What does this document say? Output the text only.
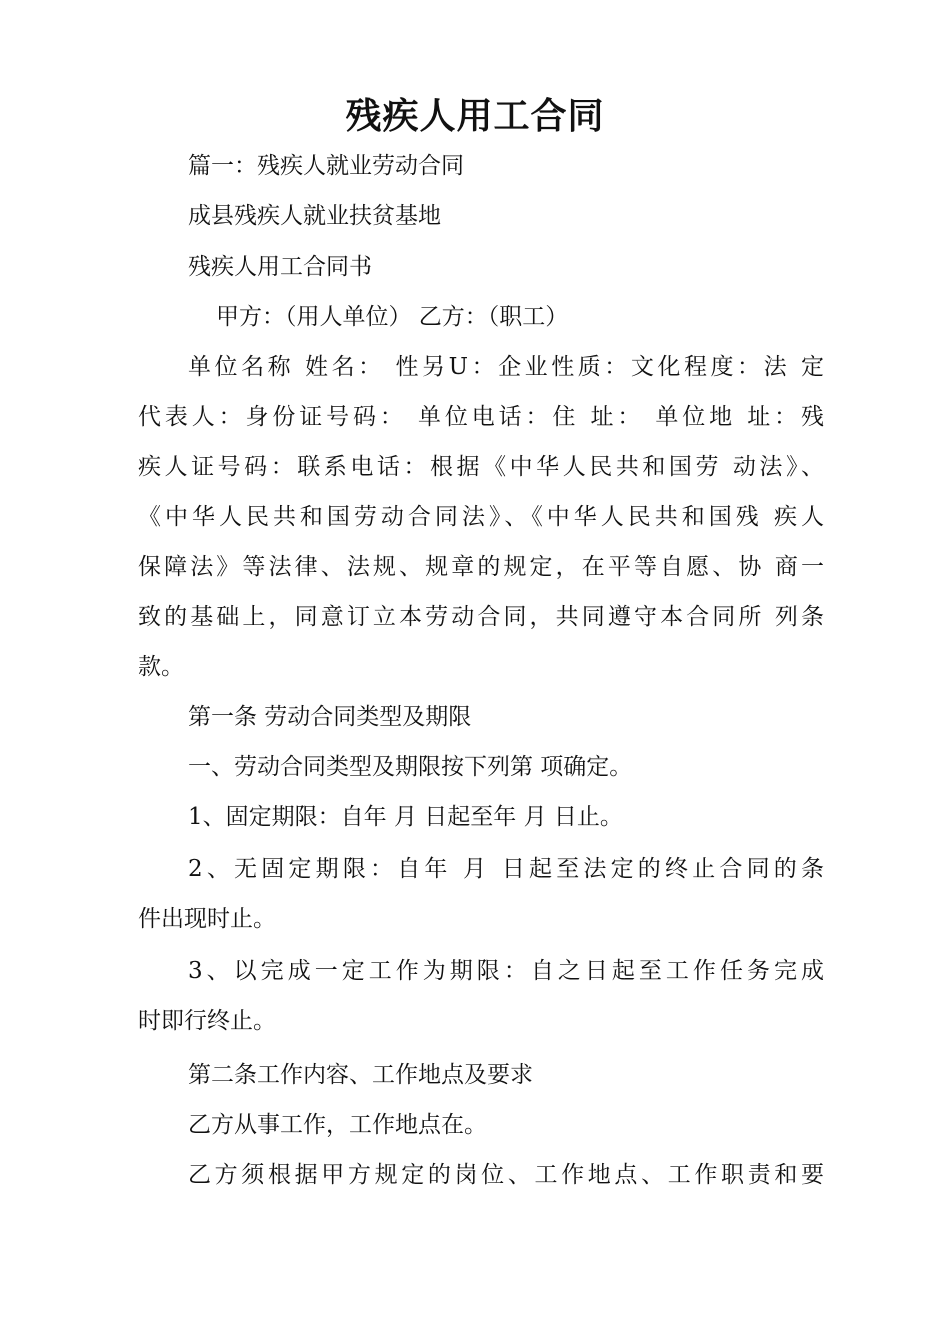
残疾人用工合同
篇一：残疾人就业劳动合同
成县残疾人就业扶贫基地
残疾人用工合同书
甲方：（用人单位） 乙方：（职工）
单位名称 姓名： 性另U：企业性质：文化程度：法 定
代表人：身份证号码： 单位电话：住 址： 单位地 址：残
疾人证号码：联系电话：根据《中华人民共和国劳 动法》、
《中华人民共和国劳动合同法》、《中华人民共和国残 疾人
保障法》等法律、法规、规章的规定，在平等自愿、协 商一
致的基础上，同意订立本劳动合同，共同遵守本合同所 列条
款。
第一条 劳动合同类型及期限
一、劳动合同类型及期限按下列第 项确定。
1、固定期限：自年 月 日起至年 月 日止。
2、无固定期限：自年 月 日起至法定的终止合同的条
件出现时止。
3、以完成一定工作为期限：自之日起至工作任务完成
时即行终止。
第二条工作内容、工作地点及要求
乙方从事工作，工作地点在。
乙方须根据甲方规定的岗位、工作地点、工作职责和要
